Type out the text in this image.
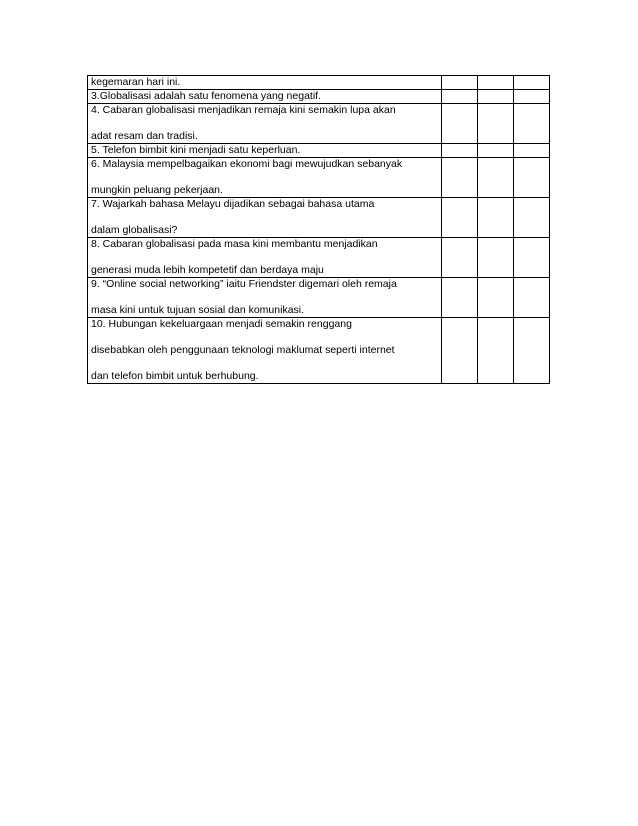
kegemaran hari ini.			

3.Globalisasi adalah satu fenomena yang negatif.			

4. Cabaran globalisasi menjadikan remaja kini semakin lupa akan
adat resam dan tradisi.			

5. Telefon bimbit kini menjadi satu keperluan.			

6. Malaysia mempelbagaikan ekonomi bagi mewujudkan sebanyak
mungkin peluang pekerjaan.			

7. Wajarkah bahasa Melayu dijadikan sebagai bahasa utama
dalam globalisasi?			

8. Cabaran globalisasi pada masa kini membantu menjadikan
generasi muda lebih kompetetif dan berdaya maju			

9. “Online social networking” iaitu Friendster digemari oleh remaja
masa kini untuk tujuan sosial dan komunikasi.			

10. Hubungan kekeluargaan menjadi semakin renggang
disebabkan oleh penggunaan teknologi maklumat seperti internet
dan telefon bimbit untuk berhubung.			
